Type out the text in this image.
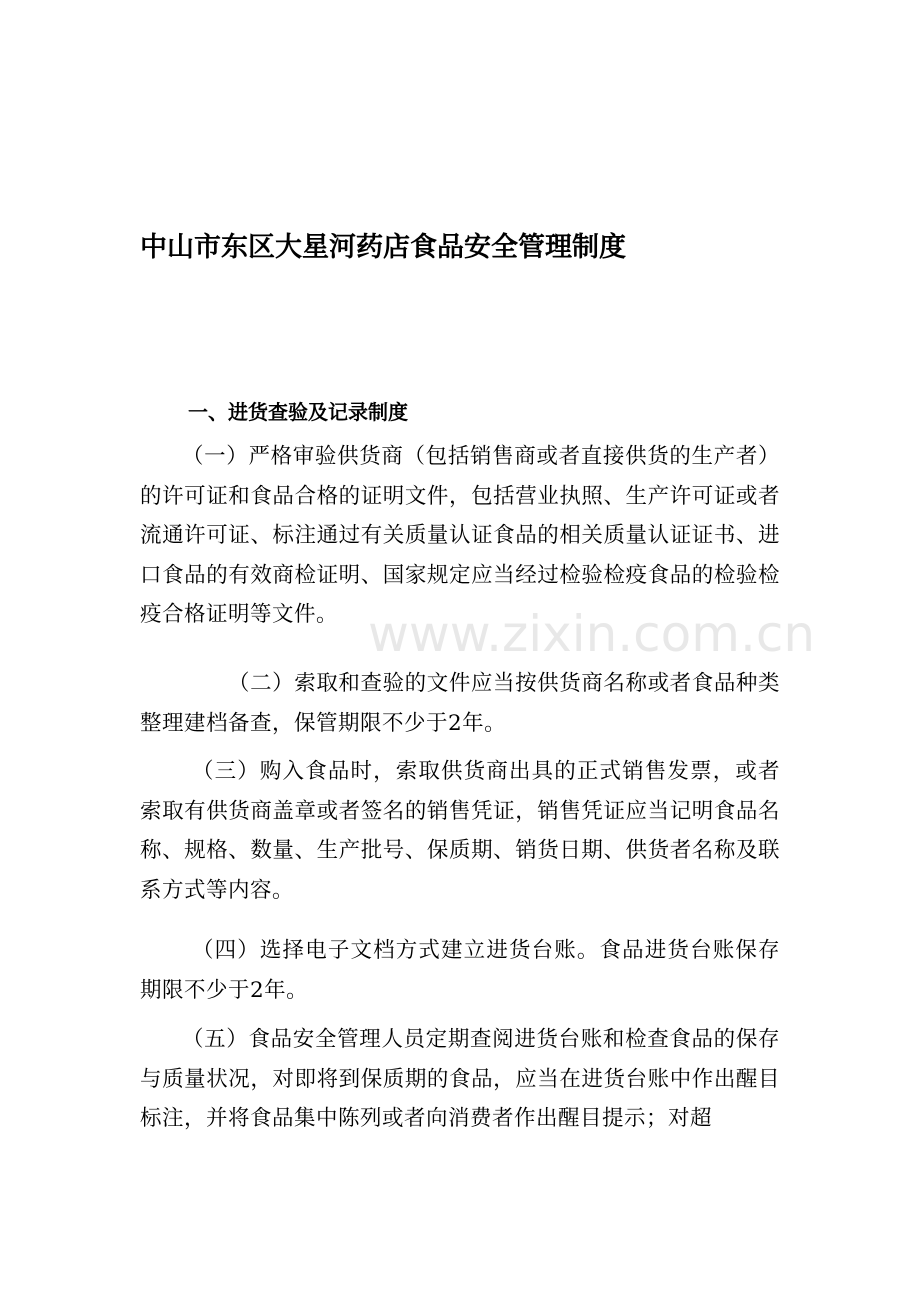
中山市东区大星河药店食品安全管理制度
一、进货查验及记录制度

（一）严格审验供货商（包括销售商或者直接供货的生产者）的许可证和食品合格的证明文件，包括营业执照、生产许可证或者流通许可证、标注通过有关质量认证食品的相关质量认证证书、进口食品的有效商检证明、国家规定应当经过检验检疫食品的检验检疫合格证明等文件。

（二）索取和查验的文件应当按供货商名称或者食品种类整理建档备查，保管期限不少于2年。

（三）购入食品时，索取供货商出具的正式销售发票，或者索取有供货商盖章或者签名的销售凭证，销售凭证应当记明食品名称、规格、数量、生产批号、保质期、销货日期、供货者名称及联系方式等内容。

（四）选择电子文档方式建立进货台账。食品进货台账保存期限不少于2年。

（五）食品安全管理人员定期查阅进货台账和检查食品的保存与质量状况，对即将到保质期的食品，应当在进货台账中作出醒目标注，并将食品集中陈列或者向消费者作出醒目提示；对超

www.zixin.com.cn
